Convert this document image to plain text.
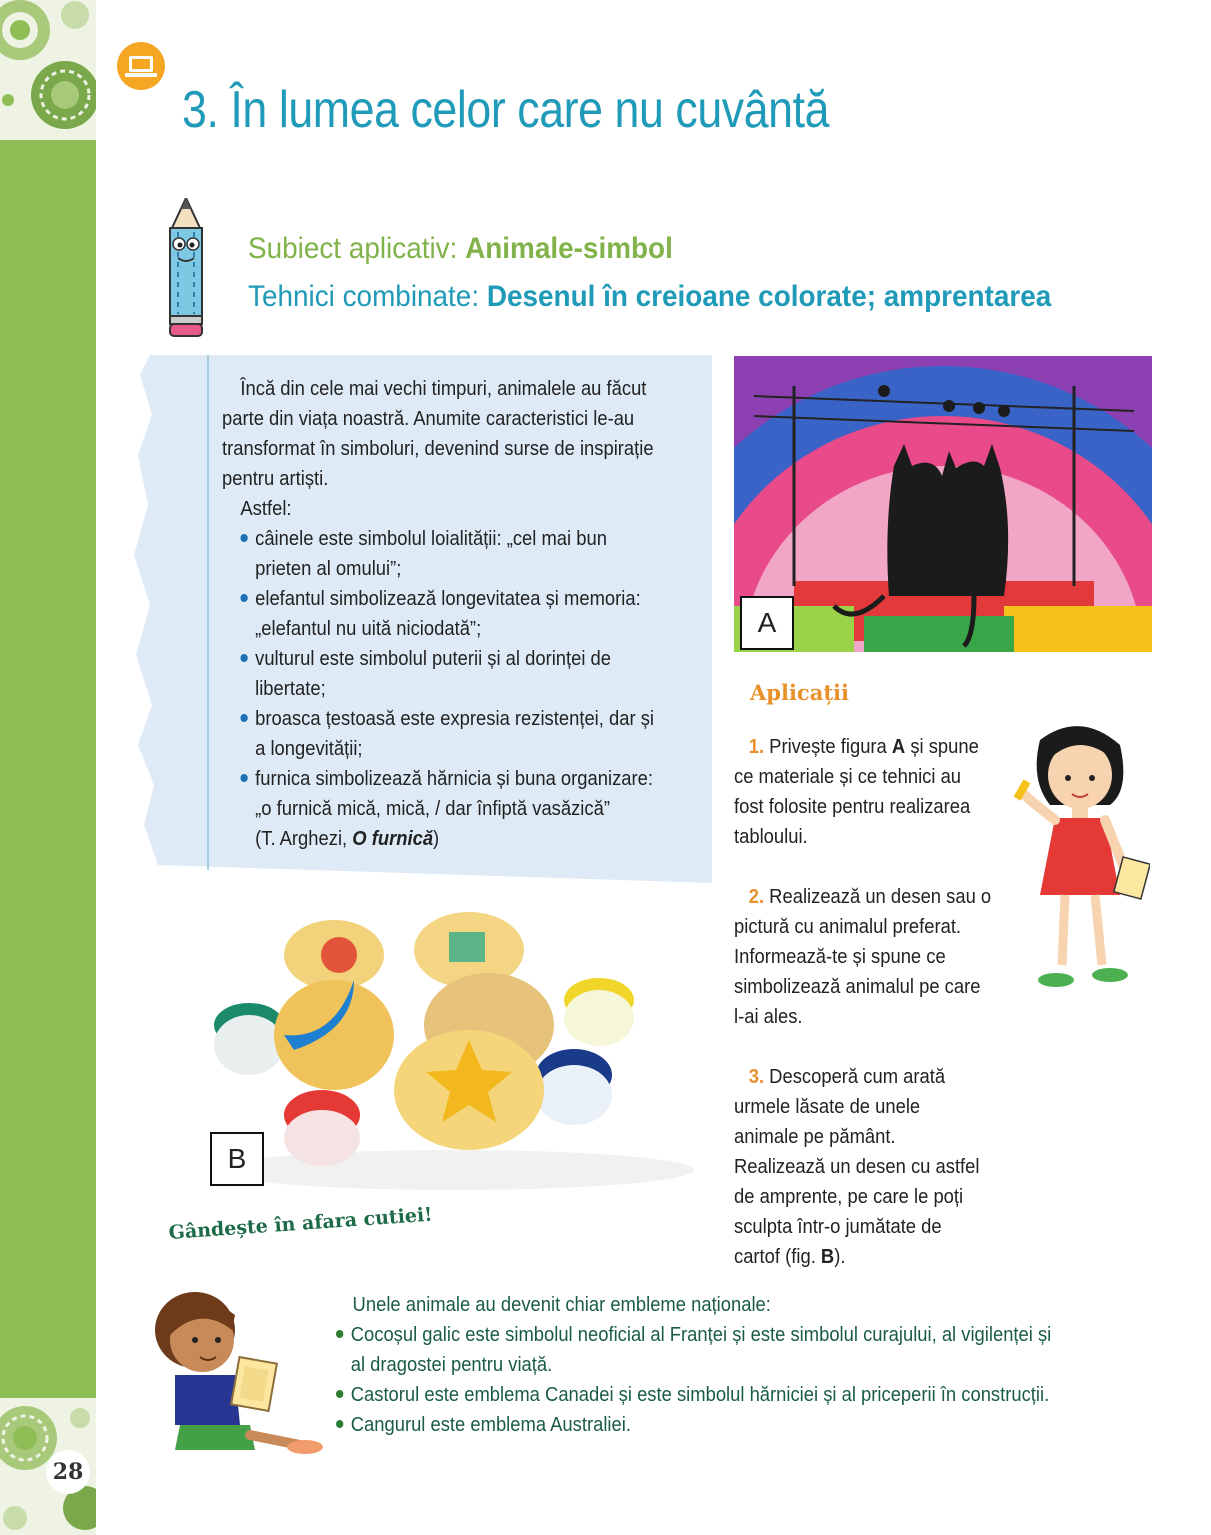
28
3. În lumea celor care nu cuvântă
Subiect aplicativ: Animale-simbol
Tehnici combinate: Desenul în creioane colorate; amprentarea

Încă din cele mai vechi timpuri, animalele au făcut parte din viața noastră. Anumite caracteristici le-au transformat în simboluri, devenind surse de inspirație pentru artiști.

Astfel:

câinele este simbolul loialității: „cel mai bun prieten al omului”;

elefantul simbolizează longevitatea și memoria: „elefantul nu uită niciodată”;

vulturul este simbolul puterii și al dorinței de libertate;

broasca țestoasă este expresia rezistenței, dar și a longevității;

furnica simbolizează hărnicia și buna organizare: „o furnică mică, mică, / dar înfiptă vasăzică”

(T. Arghezi, O furnică)

A
Aplicații
1. Privește figura A și spune ce materiale și ce tehnici au fost folosite pentru realizarea tabloului.
2. Realizează un desen sau o pictură cu animalul preferat. Informează-te și spune ce simbolizează animalul pe care l-ai ales.
3. Descoperă cum arată urmele lăsate de unele animale pe pământ. Realizează un desen cu astfel de amprente, pe care le poți sculpta într-o jumătate de cartof (fig. B).
B
Gândește în afara cutiei!

Unele animale au devenit chiar embleme naționale:

Cocoșul galic este simbolul neoficial al Franței și este simbolul curajului, al vigilenței și al dragostei pentru viață.

Castorul este emblema Canadei și este simbolul hărniciei și al priceperii în construcții.

Cangurul este emblema Australiei.
